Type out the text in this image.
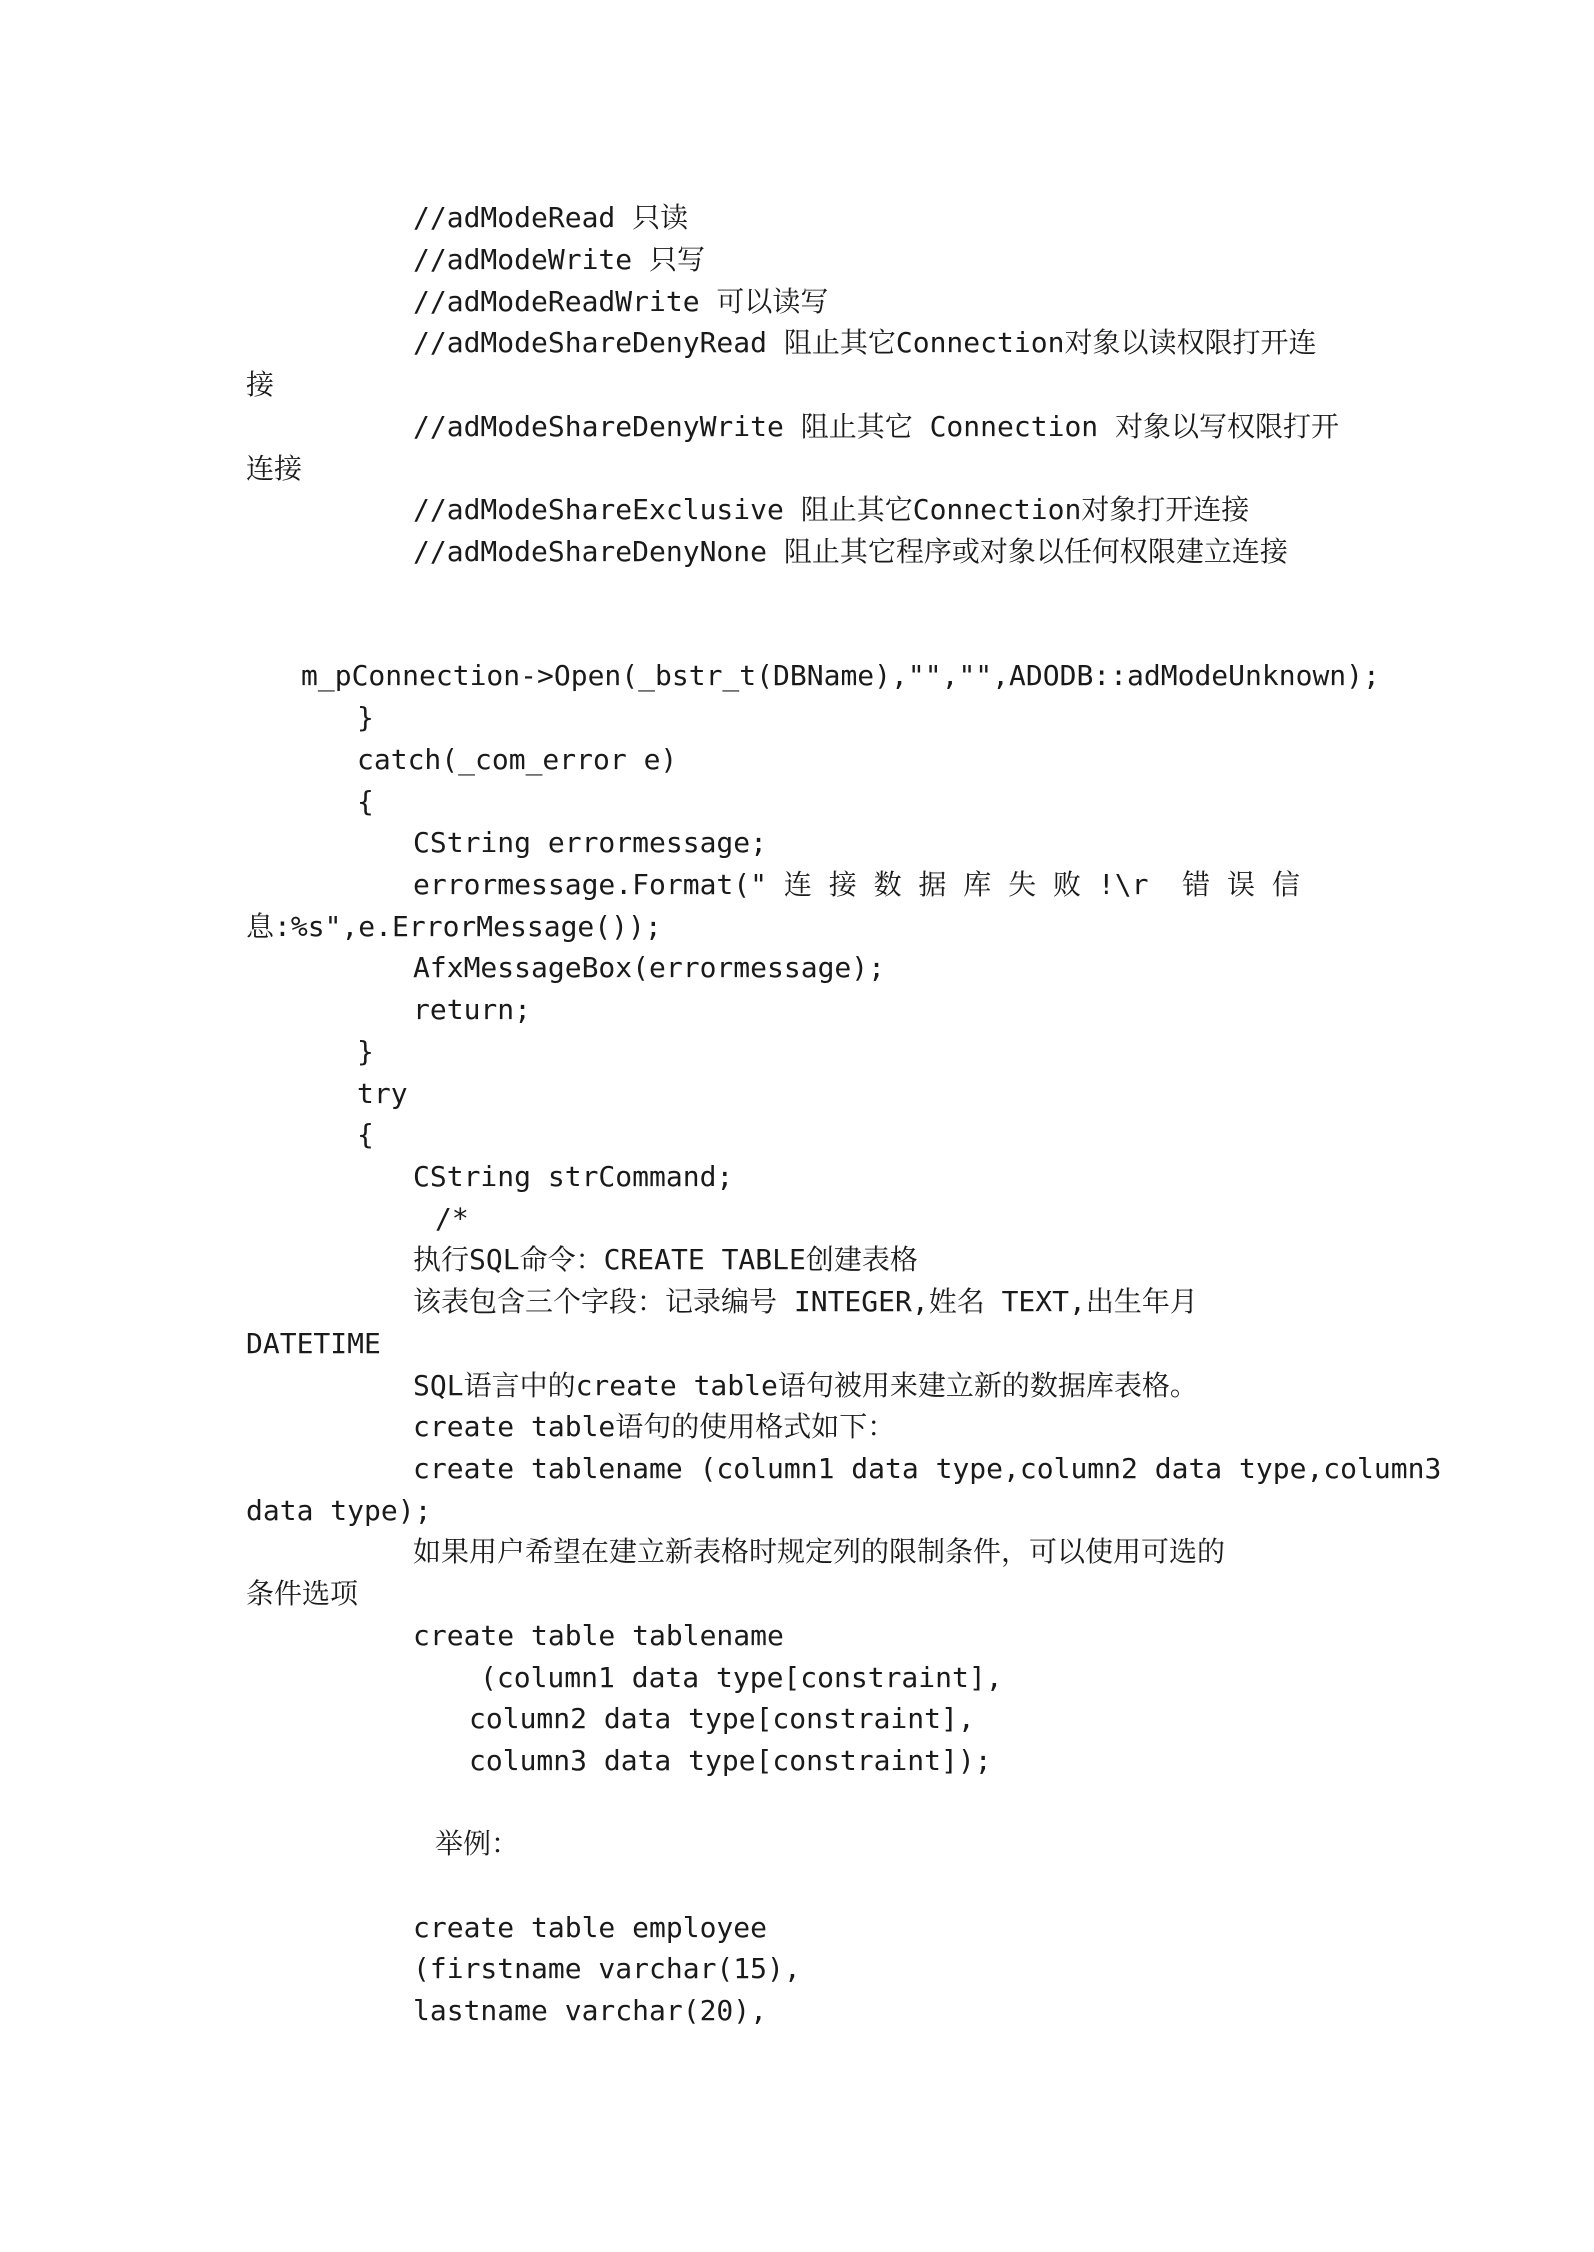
//adModeRead 只读
//adModeWrite 只写
//adModeReadWrite 可以读写
//adModeShareDenyRead 阻止其它Connection对象以读权限打开连
接
//adModeShareDenyWrite 阻止其它 Connection 对象以写权限打开
连接
//adModeShareExclusive 阻止其它Connection对象打开连接
//adModeShareDenyNone 阻止其它程序或对象以任何权限建立连接
m_pConnection->Open(_bstr_t(DBName),"","",ADODB::adModeUnknown);
}
catch(_com_error e)
{
CString errormessage;
errormessage.Format(" 连 接 数 据 库 失 败 !\r  错 误 信
息:%s",e.ErrorMessage());
AfxMessageBox(errormessage);
return;
}
try
{
CString strCommand;
/*
执行SQL命令：CREATE TABLE创建表格
该表包含三个字段：记录编号 INTEGER,姓名 TEXT,出生年月
DATETIME
SQL语言中的create table语句被用来建立新的数据库表格。
create table语句的使用格式如下：
create tablename (column1 data type,column2 data type,column3
data type);
如果用户希望在建立新表格时规定列的限制条件，可以使用可选的
条件选项
create table tablename
(column1 data type[constraint],
column2 data type[constraint],
column3 data type[constraint]);
举例：
create table employee
(firstname varchar(15),
lastname varchar(20),
